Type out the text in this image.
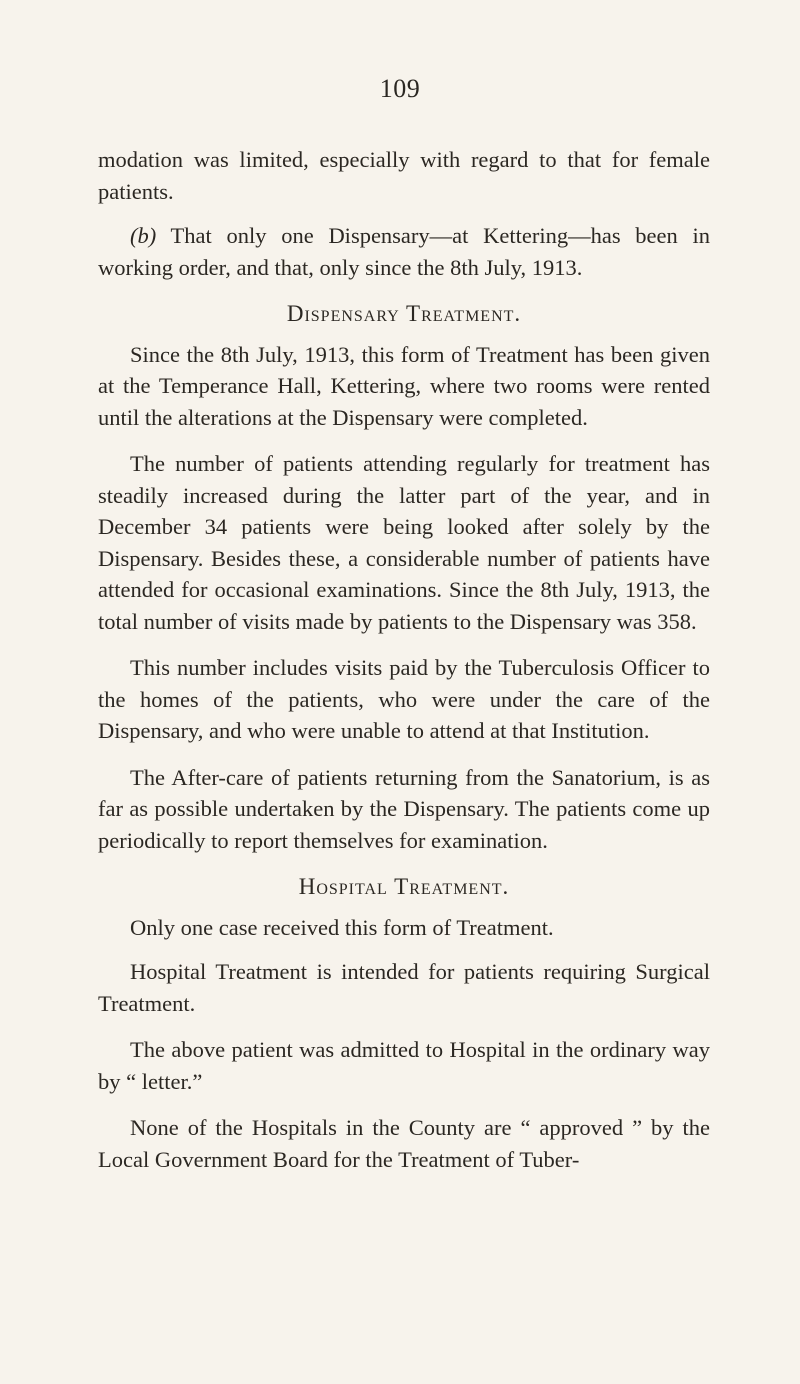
109

modation was limited, especially with regard to that for female patients.

(b) That only one Dispensary—at Kettering—has been in working order, and that, only since the 8th July, 1913.

Dispensary Treatment.

Since the 8th July, 1913, this form of Treatment has been given at the Temperance Hall, Kettering, where two rooms were rented until the alterations at the Dispensary were completed.

The number of patients attending regularly for treatment has steadily increased during the latter part of the year, and in December 34 patients were being looked after solely by the Dispensary. Besides these, a considerable number of patients have attended for occasional examinations. Since the 8th July, 1913, the total number of visits made by patients to the Dispensary was 358.

This number includes visits paid by the Tuberculosis Officer to the homes of the patients, who were under the care of the Dispensary, and who were unable to attend at that Institution.

The After-care of patients returning from the Sanatorium, is as far as possible undertaken by the Dispensary. The patients come up periodically to report themselves for examination.

Hospital Treatment.

Only one case received this form of Treatment.

Hospital Treatment is intended for patients requiring Surgical Treatment.

The above patient was admitted to Hospital in the ordinary way by “ letter.”

None of the Hospitals in the County are “ approved ” by the Local Government Board for the Treatment of Tuber-
